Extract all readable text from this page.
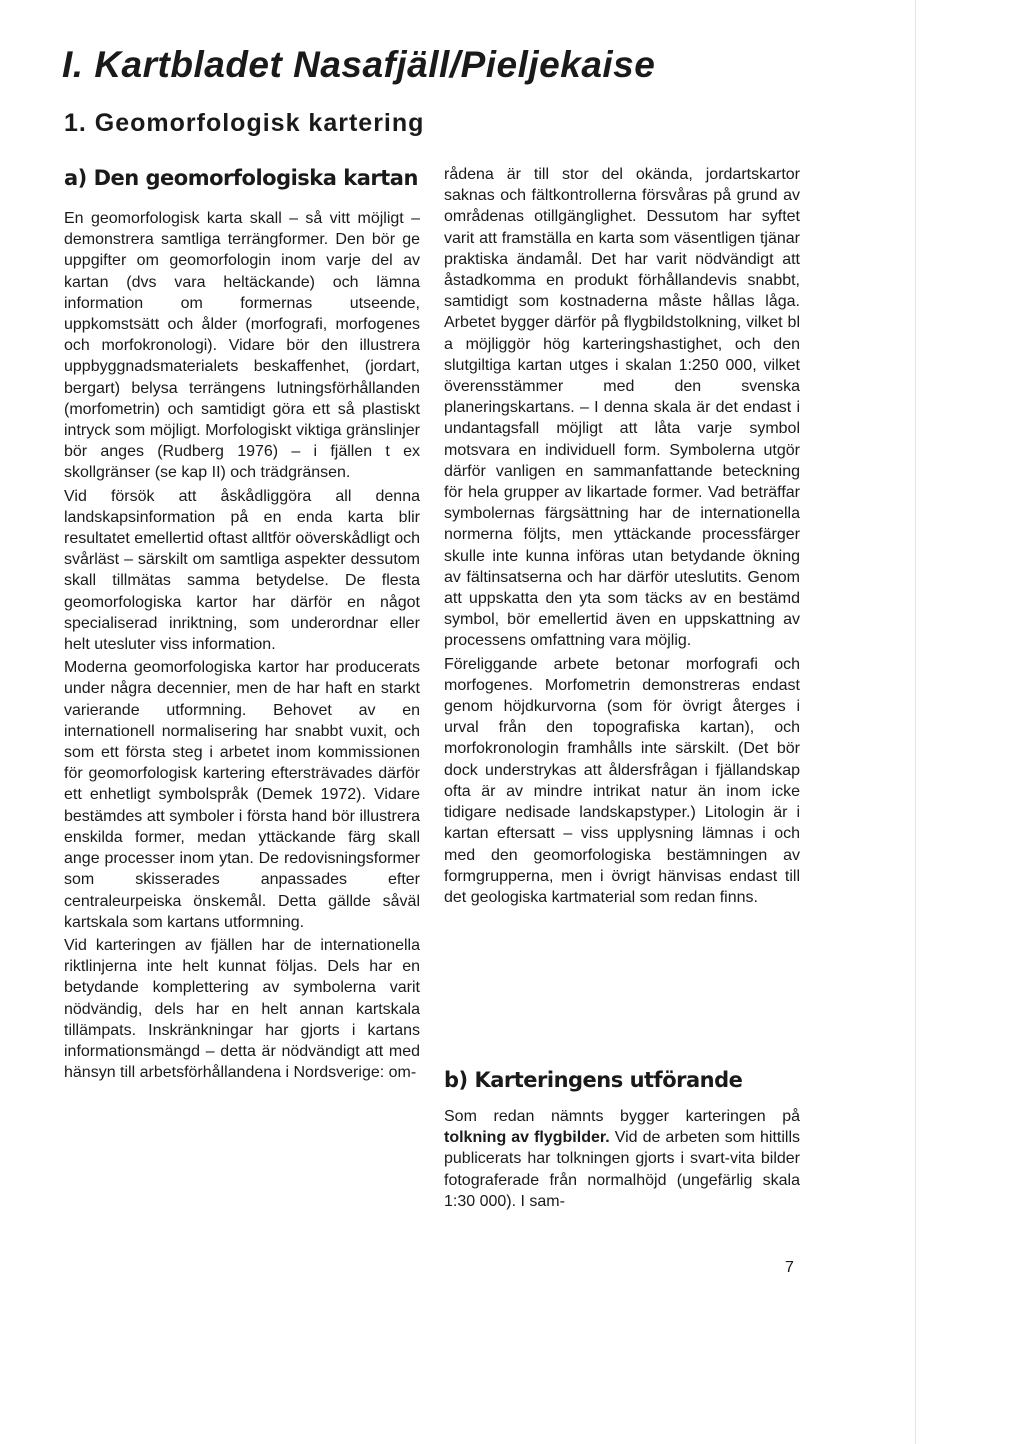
I. Kartbladet Nasafjäll/Pieljekaise
1. Geomorfologisk kartering
a) Den geomorfologiska kartan

En geomorfologisk karta skall – så vitt möjligt – demonstrera samtliga terrängformer. Den bör ge uppgifter om geomorfologin inom varje del av kartan (dvs vara heltäckande) och lämna information om formernas utseende, uppkomstsätt och ålder (morfografi, morfogenes och morfokronologi). Vidare bör den illustrera uppbyggnadsmaterialets beskaffenhet, (jordart, bergart) belysa terrängens lutningsförhållanden (morfometrin) och samtidigt göra ett så plastiskt intryck som möjligt. Morfologiskt viktiga gränslinjer bör anges (Rudberg 1976) – i fjällen t ex skollgränser (se kap II) och trädgränsen.

Vid försök att åskådliggöra all denna landskapsinformation på en enda karta blir resultatet emellertid oftast alltför oöverskådligt och svårläst – särskilt om samtliga aspekter dessutom skall tillmätas samma betydelse. De flesta geomorfologiska kartor har därför en något specialiserad inriktning, som underordnar eller helt utesluter viss information.

Moderna geomorfologiska kartor har producerats under några decennier, men de har haft en starkt varierande utformning. Behovet av en internationell normalisering har snabbt vuxit, och som ett första steg i arbetet inom kommissionen för geomorfologisk kartering eftersträvades därför ett enhetligt symbolspråk (Demek 1972). Vidare bestämdes att symboler i första hand bör illustrera enskilda former, medan yttäckande färg skall ange processer inom ytan. De redovisningsformer som skisserades anpassades efter centraleurpeiska önskemål. Detta gällde såväl kartskala som kartans utformning.

Vid karteringen av fjällen har de internationella riktlinjerna inte helt kunnat följas. Dels har en betydande komplettering av symbolerna varit nödvändig, dels har en helt annan kartskala tillämpats. Inskränkningar har gjorts i kartans informationsmängd – detta är nödvändigt att med hänsyn till arbetsförhållandena i Nordsverige: om-

rådena är till stor del okända, jordartskartor saknas och fältkontrollerna försvåras på grund av områdenas otillgänglighet. Dessutom har syftet varit att framställa en karta som väsentligen tjänar praktiska ändamål. Det har varit nödvändigt att åstadkomma en produkt förhållandevis snabbt, samtidigt som kostnaderna måste hållas låga. Arbetet bygger därför på flygbildstolkning, vilket bl a möjliggör hög karteringshastighet, och den slutgiltiga kartan utges i skalan 1:250 000, vilket överensstämmer med den svenska planeringskartans. – I denna skala är det endast i undantagsfall möjligt att låta varje symbol motsvara en individuell form. Symbolerna utgör därför vanligen en sammanfattande beteckning för hela grupper av likartade former. Vad beträffar symbolernas färgsättning har de internationella normerna följts, men yttäckande processfärger skulle inte kunna införas utan betydande ökning av fältinsatserna och har därför uteslutits. Genom att uppskatta den yta som täcks av en bestämd symbol, bör emellertid även en uppskattning av processens omfattning vara möjlig.

Föreliggande arbete betonar morfografi och morfogenes. Morfometrin demonstreras endast genom höjdkurvorna (som för övrigt återges i urval från den topografiska kartan), och morfokronologin framhålls inte särskilt. (Det bör dock understrykas att åldersfrågan i fjällandskap ofta är av mindre intrikat natur än inom icke tidigare nedisade landskapstyper.) Litologin är i kartan eftersatt – viss upplysning lämnas i och med den geomorfologiska bestämningen av formgrupperna, men i övrigt hänvisas endast till det geologiska kartmaterial som redan finns.

b) Karteringens utförande

Som redan nämnts bygger karteringen på tolkning av flygbilder. Vid de arbeten som hittills publicerats har tolkningen gjorts i svart-vita bilder fotograferade från normalhöjd (ungefärlig skala 1:30 000). I sam-

7
